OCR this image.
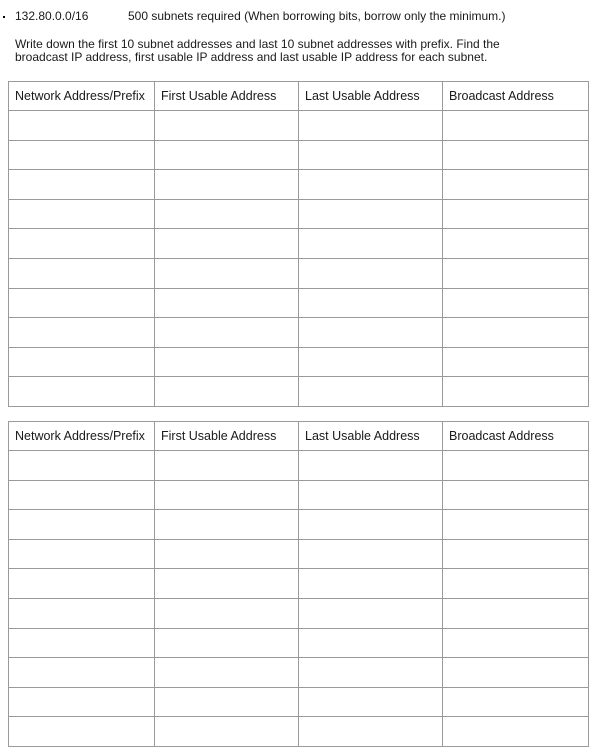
132.80.0.0/16	500 subnets required (When borrowing bits, borrow only the minimum.)
Write down the first 10 subnet addresses and last 10 subnet addresses with prefix. Find the
broadcast IP address, first usable IP address and last usable IP address for each subnet.
Network Address/Prefix	First Usable Address	Last Usable Address	Broadcast Address

Network Address/Prefix	First Usable Address	Last Usable Address	Broadcast Address
